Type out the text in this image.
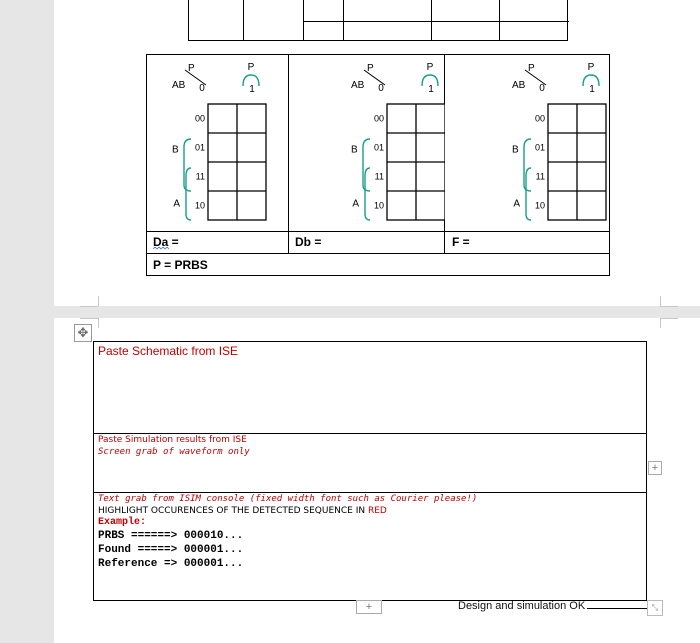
Da =	Db =	F =
P = PRBS
AB
P
0	1
P
00
01
11
10
B
A
AB
P
0	1
P
00
01
11
10
B
A
AB
P
0	1
P
00
01
11
10
B
A
✥
Paste Schematic from ISE
Paste Simulation results from ISE
Screen grab of waveform only
Text grab from ISIM console (fixed width font such as Courier please!)
HIGHLIGHT OCCURENCES OF THE DETECTED SEQUENCE IN RED
Example:
PRBS ======> 000010...
Found =====> 000001...
Reference => 000001...
+
+	Design and simulation OK	⤡
